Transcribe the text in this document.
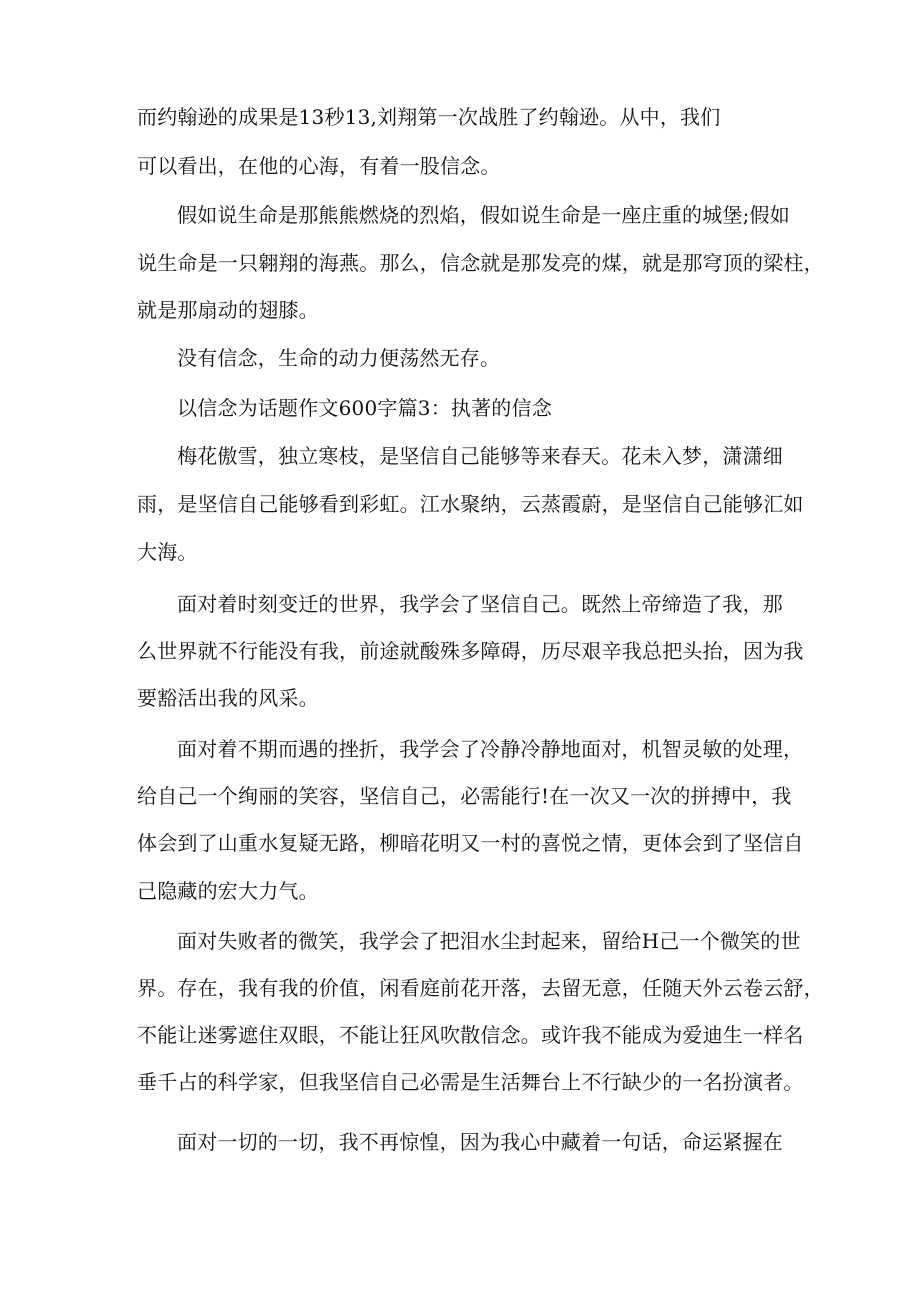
而约翰逊的成果是13秒13,刘翔第一次战胜了约翰逊。从中，我们
可以看出，在他的心海，有着一股信念。
假如说生命是那熊熊燃烧的烈焰，假如说生命是一座庄重的城堡;假如
说生命是一只翱翔的海燕。那么，信念就是那发亮的煤，就是那穹顶的梁柱，
就是那扇动的翅膝。
没有信念，生命的动力便荡然无存。
以信念为话题作文600字篇3：执著的信念
梅花傲雪，独立寒枝，是坚信自己能够等来春天。花未入梦，潇潇细
雨，是坚信自己能够看到彩虹。江水聚纳，云蒸霞蔚，是坚信自己能够汇如
大海。
面对着时刻变迁的世界，我学会了坚信自己。既然上帝缔造了我，那
么世界就不行能没有我，前途就酸殊多障碍，历尽艰辛我总把头抬，因为我
要豁活出我的风采。
面对着不期而遇的挫折，我学会了冷静冷静地面对，机智灵敏的处理，
给自己一个绚丽的笑容，坚信自己，必需能行!在一次又一次的拼搏中，我
体会到了山重水复疑无路，柳暗花明又一村的喜悦之情，更体会到了坚信自
己隐藏的宏大力气。
面对失败者的微笑，我学会了把泪水尘封起来，留给H己一个微笑的世
界。存在，我有我的价值，闲看庭前花开落，去留无意，任随天外云卷云舒，
不能让迷雾遮住双眼，不能让狂风吹散信念。或许我不能成为爱迪生一样名
垂千占的科学家，但我坚信自己必需是生活舞台上不行缺少的一名扮演者。
面对一切的一切，我不再惊惶，因为我心中藏着一句话，命运紧握在
